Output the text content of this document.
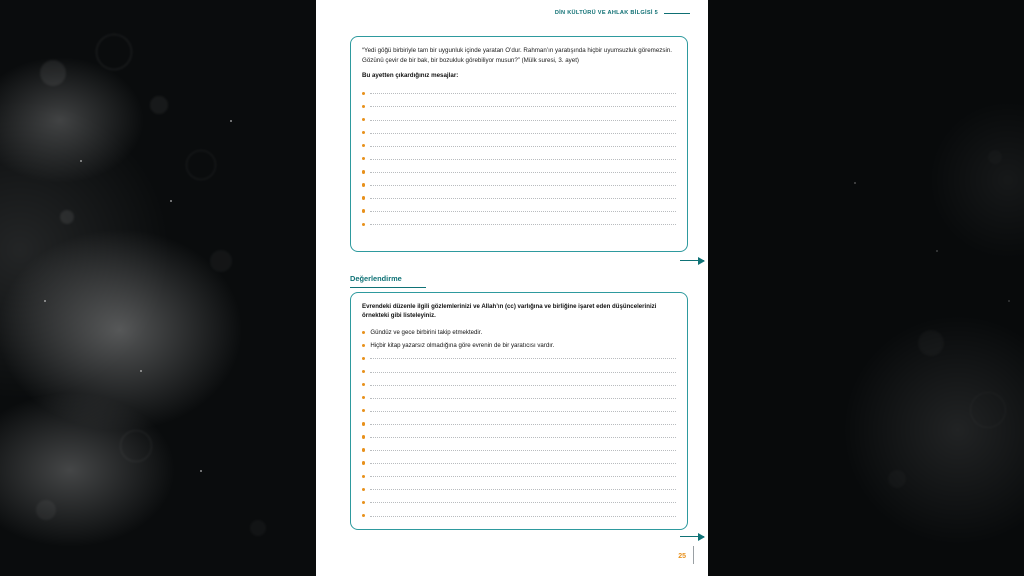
DİN KÜLTÜRÜ VE AHLAK BİLGİSİ 5
“Yedi göğü birbiriyle tam bir uygunluk içinde yaratan O’dur. Rahman’ın yaratışında hiçbir uyumsuzluk göremezsin. Gözünü çevir de bir bak, bir bozukluk görebiliyor musun?” (Mülk suresi, 3. ayet)
Bu ayetten çıkardığınız mesajlar:
Değerlendirme
Evrendeki düzenle ilgili gözlemlerinizi ve Allah’ın (cc) varlığına ve birliğine işaret eden düşüncelerinizi örnekteki gibi listeleyiniz.
Gündüz ve gece birbirini takip etmektedir.
Hiçbir kitap yazarsız olmadığına göre evrenin de bir yaratıcısı vardır.
25
